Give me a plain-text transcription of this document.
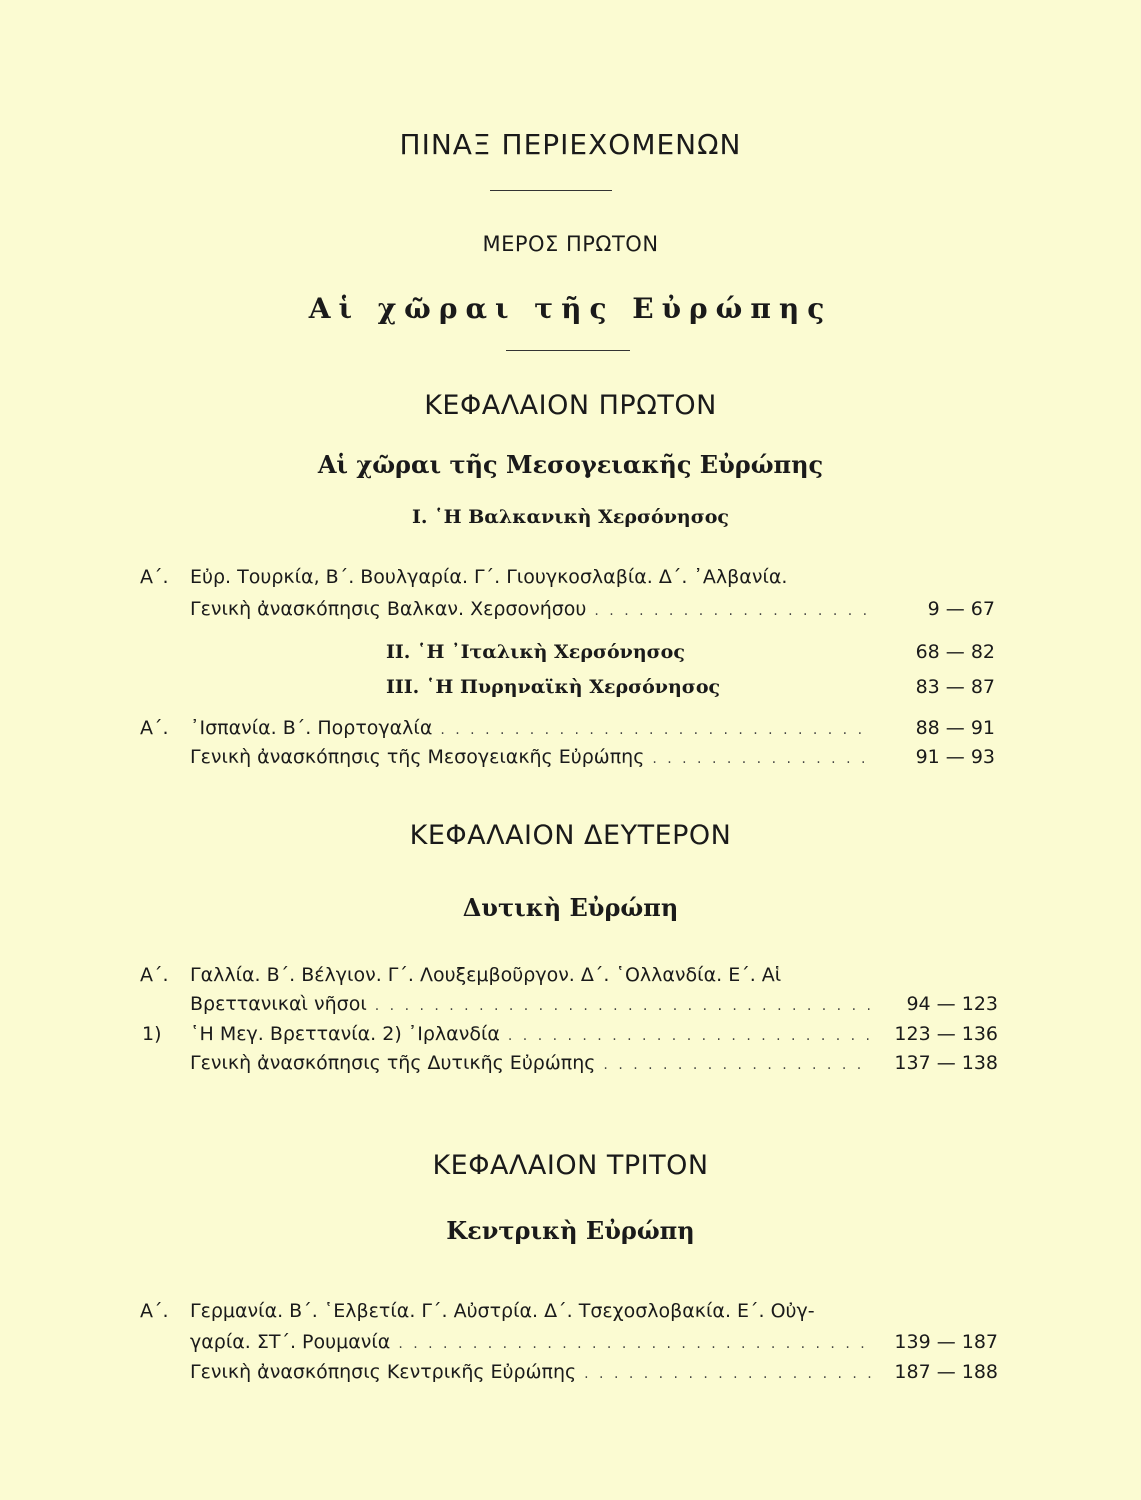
ΠΙΝΑΞ ΠΕΡΙΕΧΟΜΕΝΩΝ
ΜΕΡΟΣ ΠΡΩΤΟΝ
Αἱ χῶραι τῆς Εὐρώπης
ΚΕΦΑΛΑΙΟΝ ΠΡΩΤΟΝ
Αἱ χῶραι τῆς Μεσογειακῆς Εὐρώπης
I. ῾Η Βαλκανικὴ Χερσόνησος
Α΄. Εὐρ. Τουρκία, Β΄. Βουλγαρία. Γ΄. Γιουγκοσλαβία. Δ΄. ᾿Αλβανία.
Γενικὴ ἀνασκόπησις Βαλκαν. Χερσονήσου . . .	9 — 67
II. ῾Η ᾿Ιταλικὴ Χερσόνησος	68 — 82
III. ῾Η Πυρηναϊκὴ Χερσόνησος	83 — 87
Α΄. ᾿Ισπανία. Β΄. Πορτογαλία . . .	88 — 91
Γενικὴ ἀνασκόπησις τῆς Μεσογειακῆς Εὐρώπης . . .	91 — 93
ΚΕΦΑΛΑΙΟΝ ΔΕΥΤΕΡΟΝ
Δυτικὴ Εὐρώπη
Α΄. Γαλλία. Β΄. Βέλγιον. Γ΄. Λουξεμβοῦργον. Δ΄. ῾Ολλανδία. Ε΄. Αἱ
Βρεττανικαὶ νῆσοι . . .	94 — 123
1) ῾Η Μεγ. Βρεττανία. 2) ᾿Ιρλανδία . . .	123 — 136
Γενικὴ ἀνασκόπησις τῆς Δυτικῆς Εὐρώπης . . .	137 — 138
ΚΕΦΑΛΑΙΟΝ ΤΡΙΤΟΝ
Κεντρικὴ Εὐρώπη
Α΄. Γερμανία. Β΄. ῾Ελβετία. Γ΄. Αὐστρία. Δ΄. Τσεχοσλοβακία. Ε΄. Οὐγ-
γαρία. ΣΤ΄. Ρουμανία . . .	139 — 187
Γενικὴ ἀνασκόπησις Κεντρικῆς Εὐρώπης . . .	187 — 188
